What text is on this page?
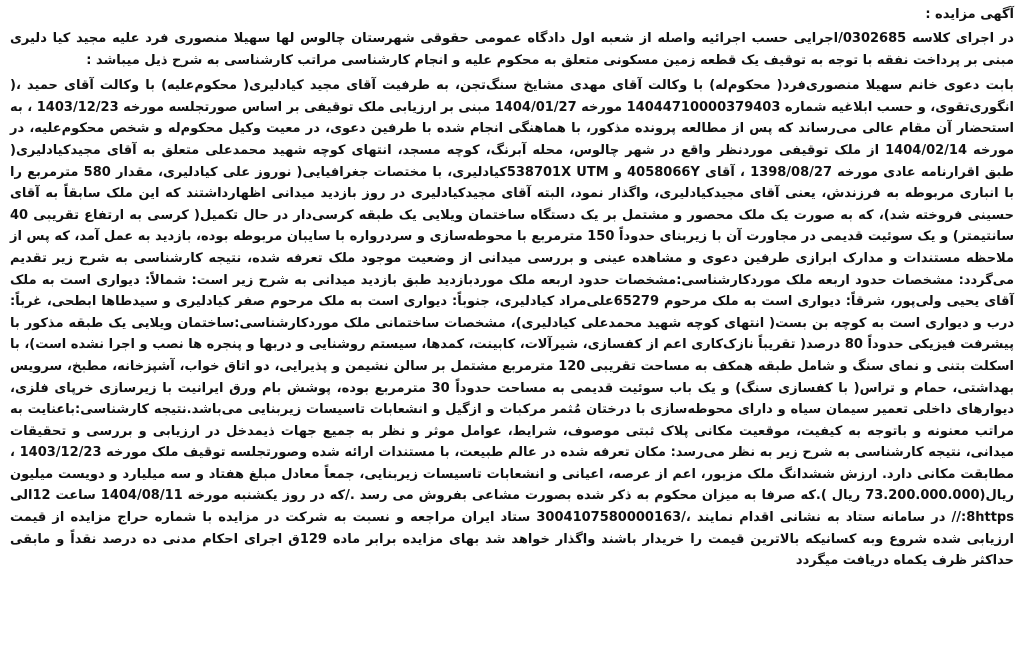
آگهی مزایده :

در اجرای کلاسه 0302685/اجرایی حسب اجرائیه واصله از شعبه اول دادگاه عمومی حقوقی شهرستان چالوس لها سهیلا منصوری فرد علیه مجید کیا دلیری مبنی بر پرداخت نفقه با توجه به توقیف یک قطعه زمین مسکونی متعلق به محکوم علیه و انجام کارشناسی مراتب کارشناسی به شرح ذیل میباشد :

بابت دعوی خانم سهیلا منصوری‌فرد( محکوم‌له) با وکالت آقای مهدی مشایخ سنگ‌تجن، به طرفیت آقای مجید کیادلیری( محکوم‌علیه) با وکالت آقای حمید ،( انگوری‌تقوی، و حسب ابلاغیه شماره 14044710000379403 مورخه 1404/01/27 مبنی بر ارزیابی ملک توقیفی بر اساس صورتجلسه مورخه 1403/12/23 ، به استحضار آن مقام عالی می‌رساند که پس از مطالعه پرونده مذکور، با هماهنگی انجام شده با طرفین دعوی، در معیت وکیل محکوم‌له و شخص محکوم‌علیه، در مورخه 1404/02/14 از ملک توقیفی موردنظر واقع در شهر چالوس، محله آبرنگ، کوچه مسجد، انتهای کوچه شهید محمدعلی متعلق به آقای مجیدکیادلیری( طبق اقرارنامه عادی مورخه 1398/08/27 ، آقای 4058066Y و 538701X UTMکیادلیری، با مختصات جغرافیایی( نوروز علی کیادلیری، مقدار 580 مترمربع را با انباری مربوطه به فرزندش، یعنی آقای مجیدکیادلیری، واگذار نمود، البته آقای مجیدکیادلیری در روز بازدید میدانی اظهارداشتند که این ملک سابقاً به آقای حسینی فروخته شد)، که به صورت یک ملک محصور و مشتمل بر یک دستگاه ساختمان ویلایی یک طبقه کرسی‌دار در حال تکمیل( کرسی به ارتفاع تقریبی 40 سانتیمتر) و یک سوئیت قدیمی در مجاورت آن با زیربنای حدوداً 150 مترمربع با محوطه‌سازی و سردرواره با سایبان مربوطه بوده، بازدید به عمل آمد، که پس از ملاحظه مستندات و مدارک ابرازی طرفین دعوی و مشاهده عینی و بررسی میدانی از وضعیت موجود ملک تعرفه شده، نتیجه کارشناسی به شرح زیر تقدیم می‌گردد: مشخصات حدود اربعه ملک موردکارشناسی:مشخصات حدود اربعه ملک موردبازدید طبق بازدید میدانی به شرح زیر است: شمالاً: دیواری است به ملک آقای یحیی ولی‌پور، شرقاً: دیواری است به ملک مرحوم 65279علی‌مراد کیادلیری، جنوباً: دیواری است به ملک مرحوم صفر کیادلیری و سیدطاها ابطحی، غرباً: درب و دیواری است به کوچه بن بست( انتهای کوچه شهید محمدعلی کیادلیری)، مشخصات ساختمانی ملک موردکارشناسی:ساختمان ویلایی یک طبقه مذکور با پیشرفت فیزیکی حدوداً 80 درصد( تقریباً نازک‌کاری اعم از کفسازی، شیرآلات، کابینت، کمدها، سیستم روشنایی و دربها و پنجره ها نصب و اجرا نشده است)، با اسکلت بتنی و نمای سنگ و شامل طبقه همکف به مساحت تقریبی 120 مترمربع مشتمل بر سالن نشیمن و پذیرایی، دو اتاق خواب، آشپزخانه، مطبخ، سرویس بهداشتی، حمام و تراس( با کفسازی سنگ) و یک باب سوئیت قدیمی به مساحت حدوداً 30 مترمربع بوده، پوشش بام ورق ایرانیت با زیرسازی خرپای فلزی، دیوارهای داخلی تعمیر سیمان سیاه و دارای محوطه‌سازی با درختان مُثمر مرکبات و ازگیل و انشعابات تاسیسات زیربنایی می‌باشد.نتیجه کارشناسی:باعنایت به مراتب معنونه و باتوجه به کیفیت، موقعیت مکانی پلاک ثبتی موصوف، شرایط، عوامل موثر و نظر به جمیع جهات ذیمدخل در ارزیابی و بررسی و تحقیقات میدانی، نتیجه کارشناسی به شرح زیر به نظر می‌رسد: مکان تعرفه شده در عالم طبیعت، با مستندات ارائه شده وصورتجلسه توقیف ملک مورخه 1403/12/23 ، مطابقت مکانی دارد. ارزش ششدانگ ملک مزبور، اعم از عرصه، اعیانی و انشعابات تاسیسات زیربنایی، جمعاً معادل مبلغ هفتاد و سه میلیارد و دویست میلیون ریال(73.200.000.000 ریال ).که صرفا به میزان محکوم به ذکر شده بصورت مشاعی بفروش می رسد ./که در روز یکشنبه مورخه 1404/08/11 ساعت 12الی 8https:// در سامانه ستاد به نشانی اقدام نمایند ،/3004107580000163 ستاد ایران مراجعه و نسبت به شرکت در مزایده با شماره حراج مزایده از قیمت ارزیابی شده شروع وبه کسانیکه بالاترین قیمت را خریدار باشند واگذار خواهد شد بهای مزایده برابر ماده 129ق اجرای احکام مدنی ده درصد نقداً و مابقی حداکثر ظرف یکماه دریافت میگردد
